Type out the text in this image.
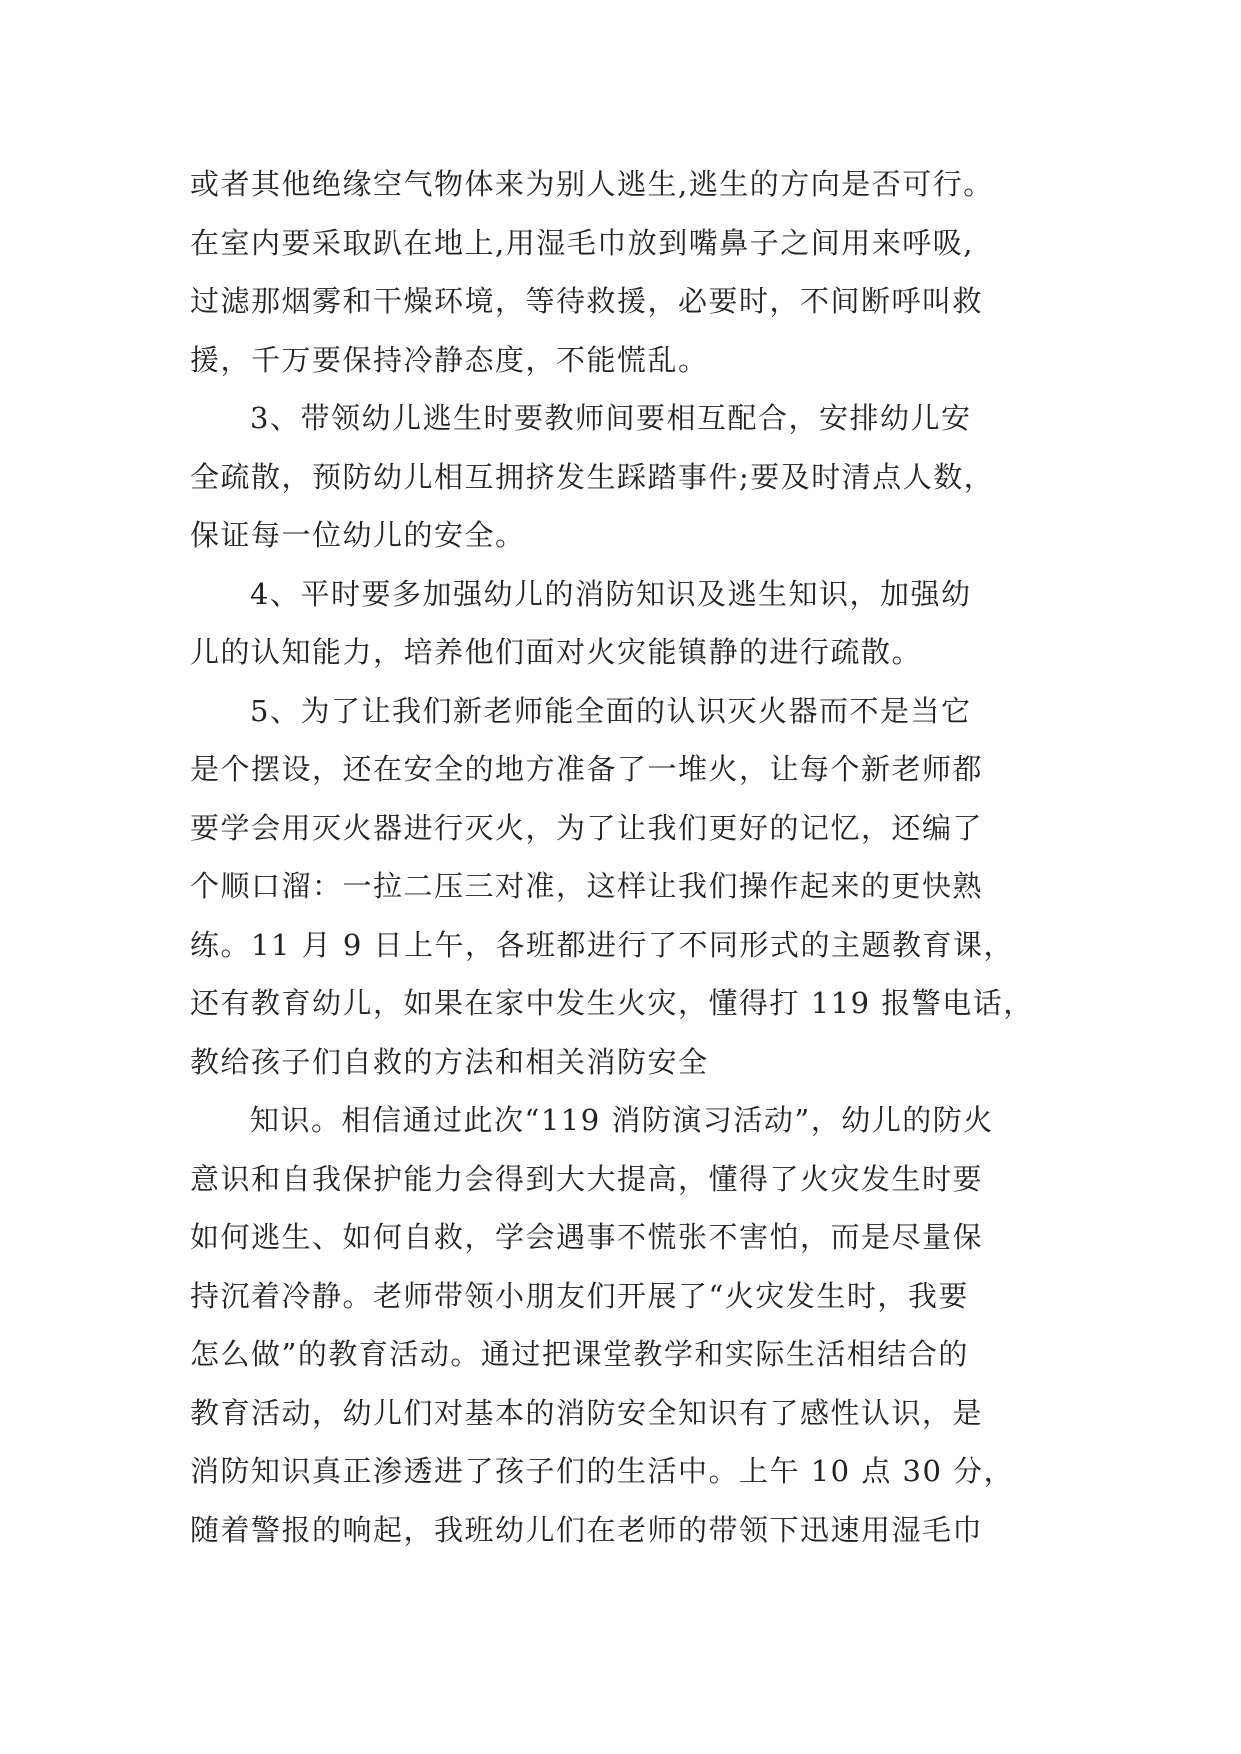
或者其他绝缘空气物体来为别人逃生,逃生的方向是否可行。
在室内要采取趴在地上,用湿毛巾放到嘴鼻子之间用来呼吸,
过滤那烟雾和干燥环境，等待救援，必要时，不间断呼叫救
援，千万要保持冷静态度，不能慌乱。
3、带领幼儿逃生时要教师间要相互配合，安排幼儿安
全疏散，预防幼儿相互拥挤发生踩踏事件;要及时清点人数，
保证每一位幼儿的安全。
4、平时要多加强幼儿的消防知识及逃生知识，加强幼
儿的认知能力，培养他们面对火灾能镇静的进行疏散。
5、为了让我们新老师能全面的认识灭火器而不是当它
是个摆设，还在安全的地方准备了一堆火，让每个新老师都
要学会用灭火器进行灭火，为了让我们更好的记忆，还编了
个顺口溜：一拉二压三对准，这样让我们操作起来的更快熟
练。11 月 9 日上午，各班都进行了不同形式的主题教育课，
还有教育幼儿，如果在家中发生火灾，懂得打 119 报警电话，
教给孩子们自救的方法和相关消防安全
知识。相信通过此次“119 消防演习活动”，幼儿的防火
意识和自我保护能力会得到大大提高，懂得了火灾发生时要
如何逃生、如何自救，学会遇事不慌张不害怕，而是尽量保
持沉着冷静。老师带领小朋友们开展了“火灾发生时，我要
怎么做”的教育活动。通过把课堂教学和实际生活相结合的
教育活动，幼儿们对基本的消防安全知识有了感性认识，是
消防知识真正渗透进了孩子们的生活中。上午 10 点 30 分，
随着警报的响起，我班幼儿们在老师的带领下迅速用湿毛巾
